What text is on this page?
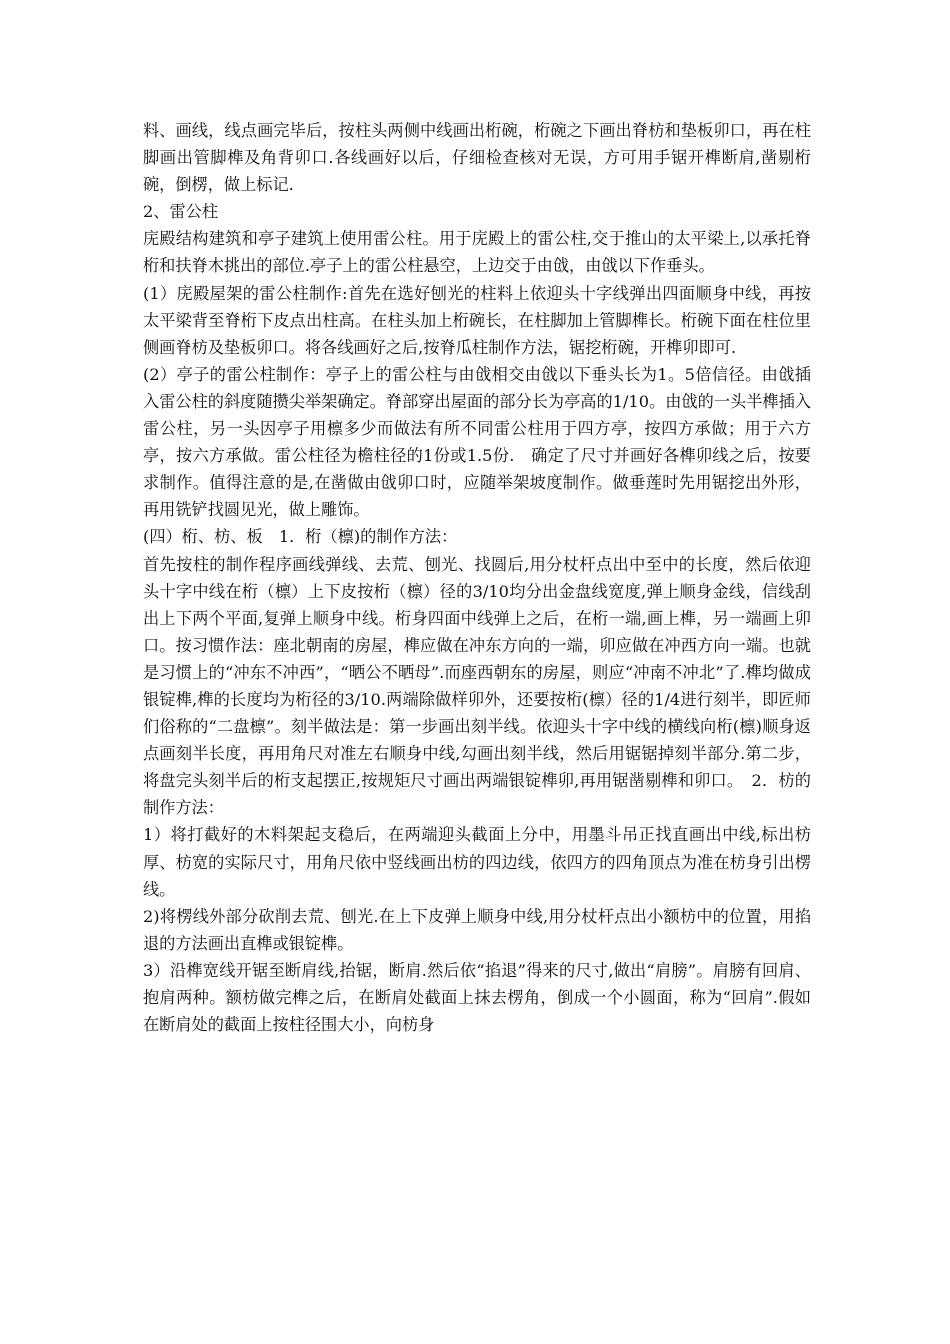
料、画线，线点画完毕后，按柱头两侧中线画出桁碗，桁碗之下画出脊枋和垫板卯口，再在柱脚画出管脚榫及角背卯口.各线画好以后，仔细检查核对无误，方可用手锯开榫断肩,凿剔桁碗，倒楞，做上标记.

2、雷公柱

庑殿结构建筑和亭子建筑上使用雷公柱。用于庑殿上的雷公柱,交于推山的太平梁上,以承托脊桁和扶脊木挑出的部位.亭子上的雷公柱悬空，上边交于由戗，由戗以下作垂头。

(1）庑殿屋架的雷公柱制作:首先在选好刨光的柱料上依迎头十字线弹出四面顺身中线，再按太平梁背至脊桁下皮点出柱高。在柱头加上桁碗长，在柱脚加上管脚榫长。桁碗下面在柱位里侧画脊枋及垫板卯口。将各线画好之后,按脊瓜柱制作方法，锯挖桁碗，开榫卯即可.

(2）亭子的雷公柱制作：亭子上的雷公柱与由戗相交由戗以下垂头长为1。5倍信径。由戗插入雷公柱的斜度随攒尖举架确定。脊部穿出屋面的部分长为亭高的1/10。由戗的一头半榫插入雷公柱，另一头因亭子用檩多少而做法有所不同雷公柱用于四方亭，按四方承做；用于六方亭，按六方承做。雷公柱径为檐柱径的1份或1.5份.　确定了尺寸并画好各榫卯线之后，按要求制作。值得注意的是,在凿做由戗卯口时，应随举架坡度制作。做垂莲时先用锯挖出外形，再用铣铲找圆见光，做上雕饰。

(四）桁、枋、板　1．桁（檩)的制作方法：

首先按柱的制作程序画线弹线、去荒、刨光、找圆后,用分杖杆点出中至中的长度，然后依迎头十字中线在桁（檩）上下皮按桁（檩）径的3/10均分出金盘线宽度,弹上顺身金线，信线刮出上下两个平面,复弹上顺身中线。桁身四面中线弹上之后，在桁一端,画上榫，另一端画上卯口。按习惯作法：座北朝南的房屋，榫应做在冲东方向的一端，卯应做在冲西方向一端。也就是习惯上的“冲东不冲西”，“晒公不晒母”.而座西朝东的房屋，则应“冲南不冲北”了.榫均做成银锭榫,榫的长度均为桁径的3/10.两端除做样卯外，还要按桁(檩）径的1/4进行刻半，即匠师们俗称的“二盘檩”。刻半做法是：第一步画出刻半线。依迎头十字中线的横线向桁(檩)顺身返点画刻半长度，再用角尺对准左右顺身中线,勾画出刻半线，然后用锯锯掉刻半部分.第二步，将盘完头刻半后的桁支起摆正,按规矩尺寸画出两端银锭榫卯,再用锯凿剔榫和卯口。　2．枋的制作方法：

1）将打截好的木料架起支稳后，在两端迎头截面上分中，用墨斗吊正找直画出中线,标出枋厚、枋宽的实际尺寸，用角尺依中竖线画出枋的四边线，依四方的四角顶点为准在枋身引出楞线。

2)将楞线外部分砍削去荒、刨光.在上下皮弹上顺身中线,用分杖杆点出小额枋中的位置，用掐退的方法画出直榫或银锭榫。

3）沿榫宽线开锯至断肩线,抬锯，断肩.然后依“掐退”得来的尺寸,做出“肩膀”。肩膀有回肩、抱肩两种。额枋做完榫之后，在断肩处截面上抹去楞角，倒成一个小圆面，称为“回肩”.假如在断肩处的截面上按柱径围大小，向枋身
